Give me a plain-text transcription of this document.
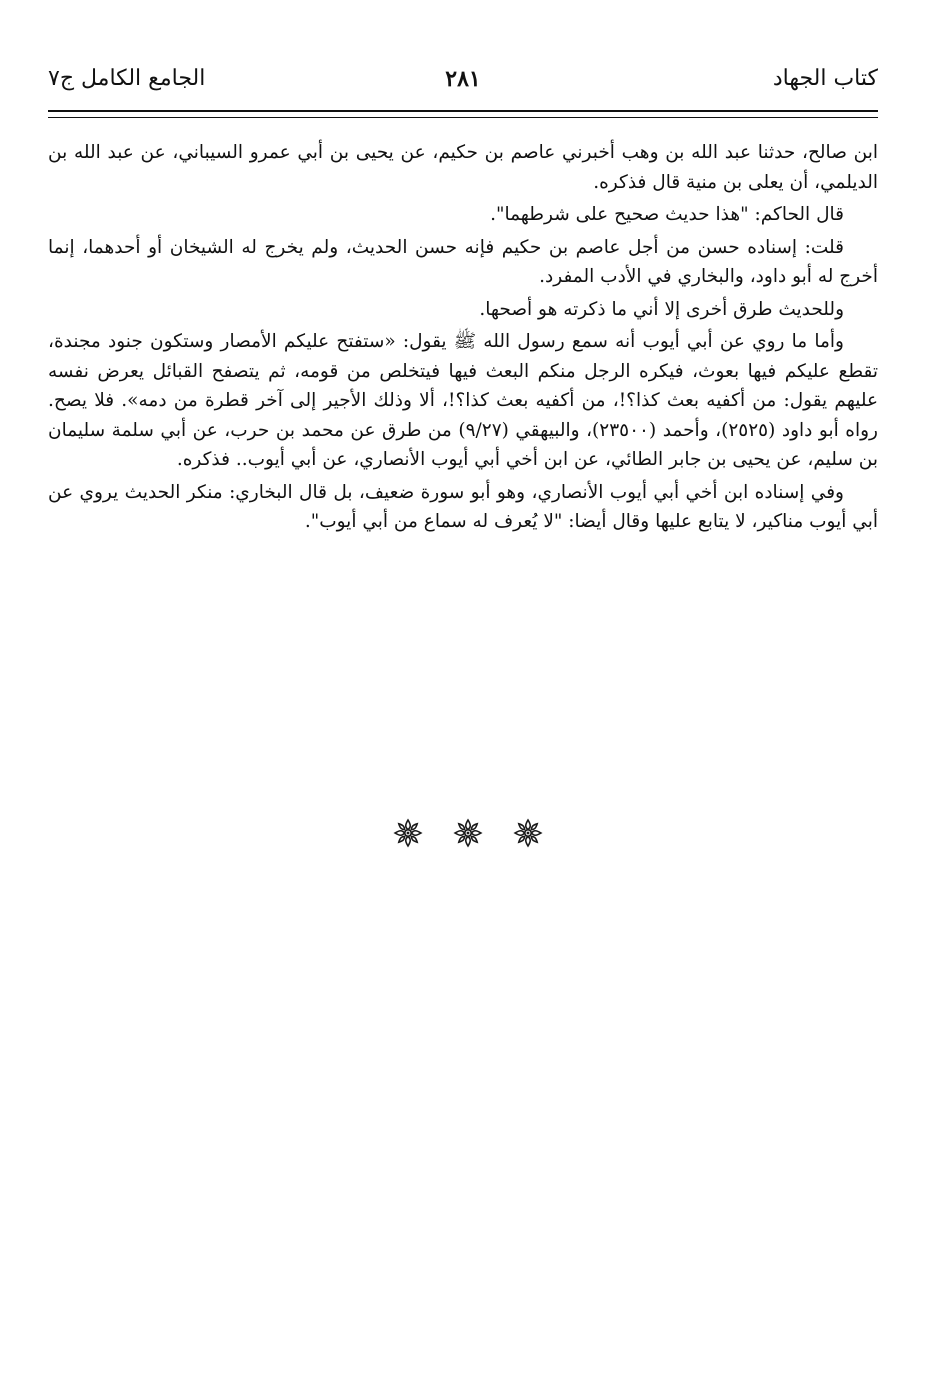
كتاب الجهاد
٢٨١
الجامع الكامل ج٧

ابن صالح، حدثنا عبد الله بن وهب أخبرني عاصم بن حكيم، عن يحيى بن أبي عمرو السيباني، عن عبد الله بن الديلمي، أن يعلى بن منية قال فذكره.

قال الحاكم: "هذا حديث صحيح على شرطهما".

قلت: إسناده حسن من أجل عاصم بن حكيم فإنه حسن الحديث، ولم يخرج له الشيخان أو أحدهما، إنما أخرج له أبو داود، والبخاري في الأدب المفرد.

وللحديث طرق أخرى إلا أني ما ذكرته هو أصحها.

وأما ما روي عن أبي أيوب أنه سمع رسول الله ﷺ يقول: «ستفتح عليكم الأمصار وستكون جنود مجندة، تقطع عليكم فيها بعوث، فيكره الرجل منكم البعث فيها فيتخلص من قومه، ثم يتصفح القبائل يعرض نفسه عليهم يقول: من أكفيه بعث كذا؟!، من أكفيه بعث كذا؟!، ألا وذلك الأجير إلى آخر قطرة من دمه». فلا يصح. رواه أبو داود (٢٥٢٥)، وأحمد (٢٣٥٠٠)، والبيهقي (٩/٢٧) من طرق عن محمد بن حرب، عن أبي سلمة سليمان بن سليم، عن يحيى بن جابر الطائي، عن ابن أخي أبي أيوب الأنصاري، عن أبي أيوب.. فذكره.

وفي إسناده ابن أخي أبي أيوب الأنصاري، وهو أبو سورة ضعيف، بل قال البخاري: منكر الحديث يروي عن أبي أيوب مناكير، لا يتابع عليها وقال أيضا: "لا يُعرف له سماع من أبي أيوب".
